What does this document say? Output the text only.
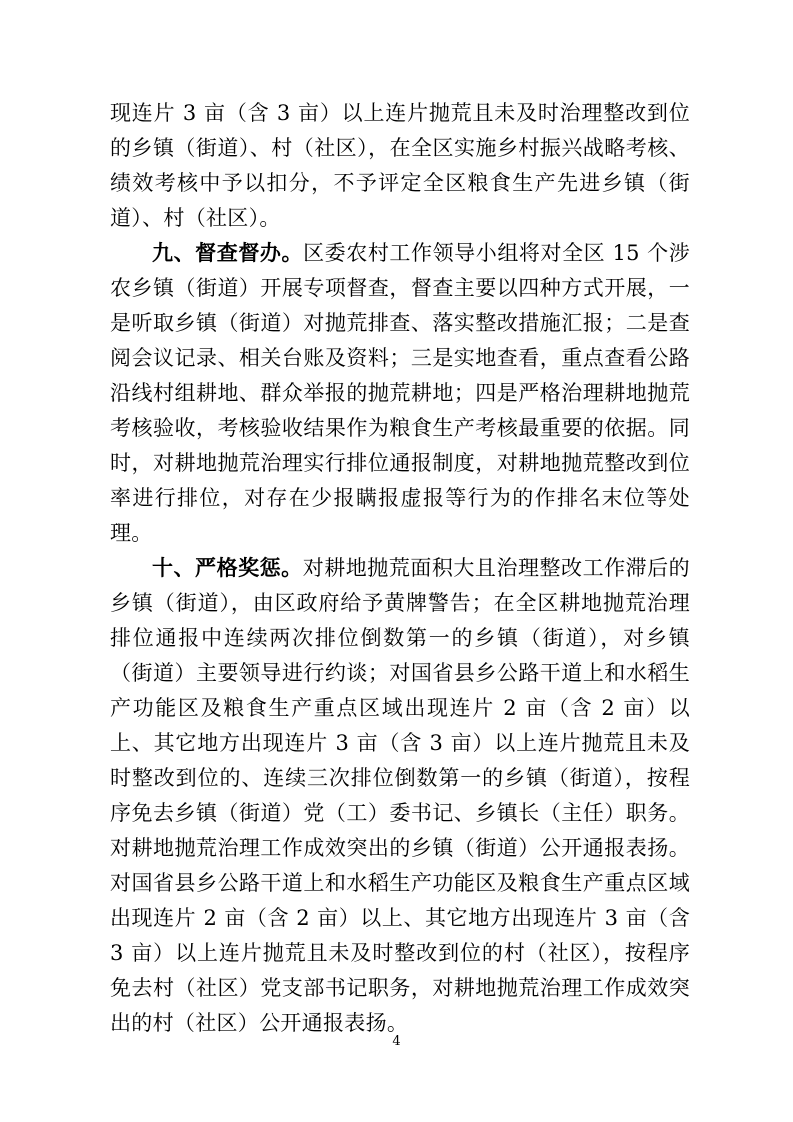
现连片 3 亩（含 3 亩）以上连片抛荒且未及时治理整改到位的乡镇（街道）、村（社区），在全区实施乡村振兴战略考核、绩效考核中予以扣分，不予评定全区粮食生产先进乡镇（街道）、村（社区）。

九、督查督办。区委农村工作领导小组将对全区 15 个涉农乡镇（街道）开展专项督查，督查主要以四种方式开展，一是听取乡镇（街道）对抛荒排查、落实整改措施汇报；二是查阅会议记录、相关台账及资料；三是实地查看，重点查看公路沿线村组耕地、群众举报的抛荒耕地；四是严格治理耕地抛荒考核验收，考核验收结果作为粮食生产考核最重要的依据。同时，对耕地抛荒治理实行排位通报制度，对耕地抛荒整改到位率进行排位，对存在少报瞒报虚报等行为的作排名末位等处理。

十、严格奖惩。对耕地抛荒面积大且治理整改工作滞后的乡镇（街道），由区政府给予黄牌警告；在全区耕地抛荒治理排位通报中连续两次排位倒数第一的乡镇（街道），对乡镇（街道）主要领导进行约谈；对国省县乡公路干道上和水稻生产功能区及粮食生产重点区域出现连片 2 亩（含 2 亩）以上、其它地方出现连片 3 亩（含 3 亩）以上连片抛荒且未及时整改到位的、连续三次排位倒数第一的乡镇（街道），按程序免去乡镇（街道）党（工）委书记、乡镇长（主任）职务。对耕地抛荒治理工作成效突出的乡镇（街道）公开通报表扬。对国省县乡公路干道上和水稻生产功能区及粮食生产重点区域出现连片 2 亩（含 2 亩）以上、其它地方出现连片 3 亩（含 3 亩）以上连片抛荒且未及时整改到位的村（社区），按程序免去村（社区）党支部书记职务，对耕地抛荒治理工作成效突出的村（社区）公开通报表扬。

4
